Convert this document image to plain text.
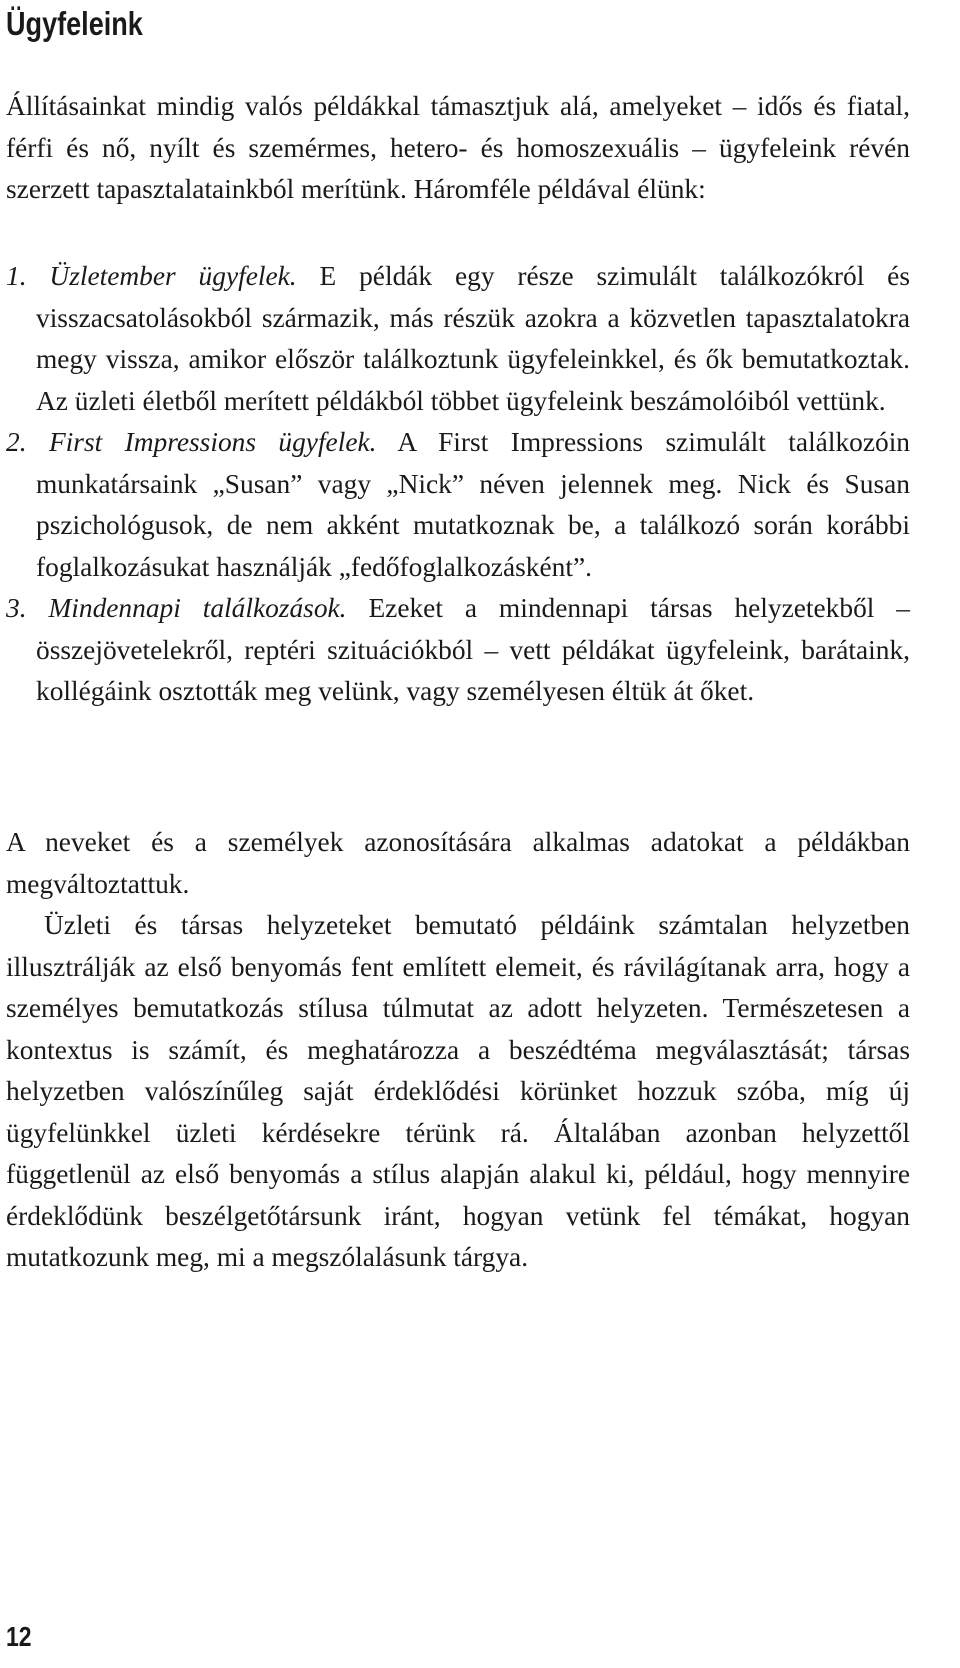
Ügyfeleink

Állításainkat mindig valós példákkal támasztjuk alá, amelyeket – idős és fiatal, férfi és nő, nyílt és szemérmes, hetero- és homoszexuális – ügyfeleink révén szerzett tapasztalatainkból merítünk. Háromféle példával élünk:

1. Üzletember ügyfelek. E példák egy része szimulált találkozókról és visszacsatolásokból származik, más részük azokra a közvetlen tapasztalatokra megy vissza, amikor először találkoztunk ügyfeleinkkel, és ők bemutatkoztak. Az üzleti életből merített példákból többet ügyfeleink beszámolóiból vettünk.

2. First Impressions ügyfelek. A First Impressions szimulált találkozóin munkatársaink „Susan” vagy „Nick” néven jelennek meg. Nick és Susan pszichológusok, de nem akként mutatkoznak be, a találkozó során korábbi foglalkozásukat használják „fedőfoglalkozásként”.

3. Mindennapi találkozások. Ezeket a mindennapi társas helyzetekből – összejövetelekről, reptéri szituációkból – vett példákat ügyfeleink, barátaink, kollégáink osztották meg velünk, vagy személyesen éltük át őket.

A neveket és a személyek azonosítására alkalmas adatokat a példákban megváltoztattuk.

Üzleti és társas helyzeteket bemutató példáink számtalan helyzetben illusztrálják az első benyomás fent említett elemeit, és rávilágítanak arra, hogy a személyes bemutatkozás stílusa túlmutat az adott helyzeten. Természetesen a kontextus is számít, és meghatározza a beszédtéma megválasztását; társas helyzetben valószínűleg saját érdeklődési körünket hozzuk szóba, míg új ügyfelünkkel üzleti kérdésekre térünk rá. Általában azonban helyzettől függetlenül az első benyomás a stílus alapján alakul ki, például, hogy mennyire érdeklődünk beszélgetőtársunk iránt, hogyan vetünk fel témákat, hogyan mutatkozunk meg, mi a megszólalásunk tárgya.

12
